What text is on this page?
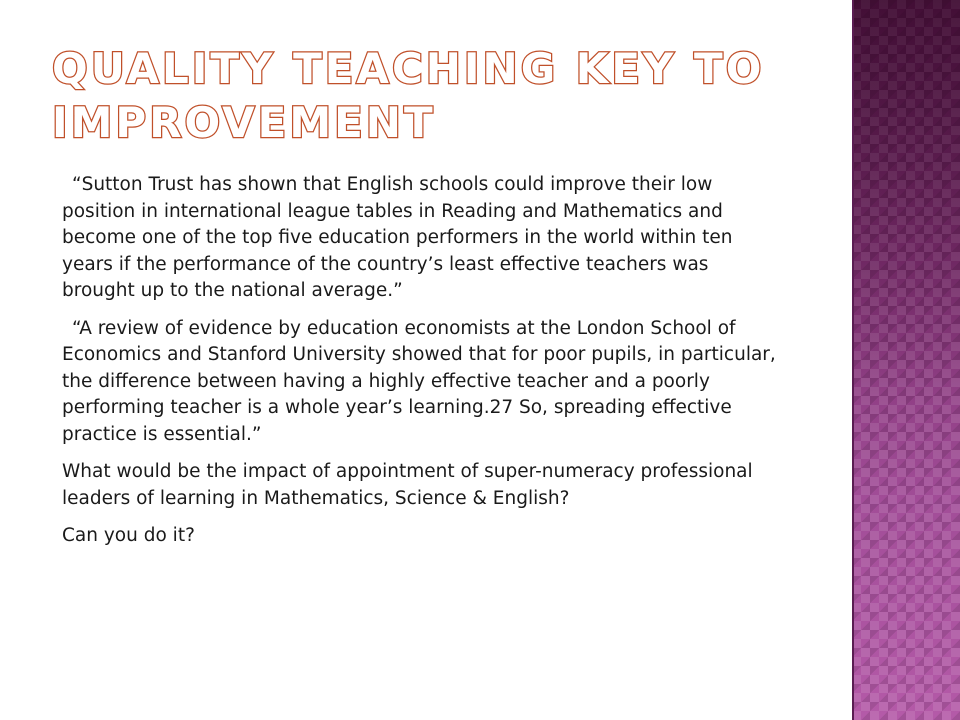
QUALITY TEACHING KEY TO IMPROVEMENT

“Sutton Trust has shown that English schools could improve their low position in international league tables in Reading and Mathematics and become one of the top five education performers in the world within ten years if the performance of the country’s least effective teachers was brought up to the national average.”

“A review of evidence by education economists at the London School of Economics and Stanford University showed that for poor pupils, in particular, the difference between having a highly effective teacher and a poorly performing teacher is a whole year’s learning.27 So, spreading effective practice is essential.”

What would be the impact of appointment of super-numeracy professional leaders of learning in Mathematics, Science & English?

Can you do it?
